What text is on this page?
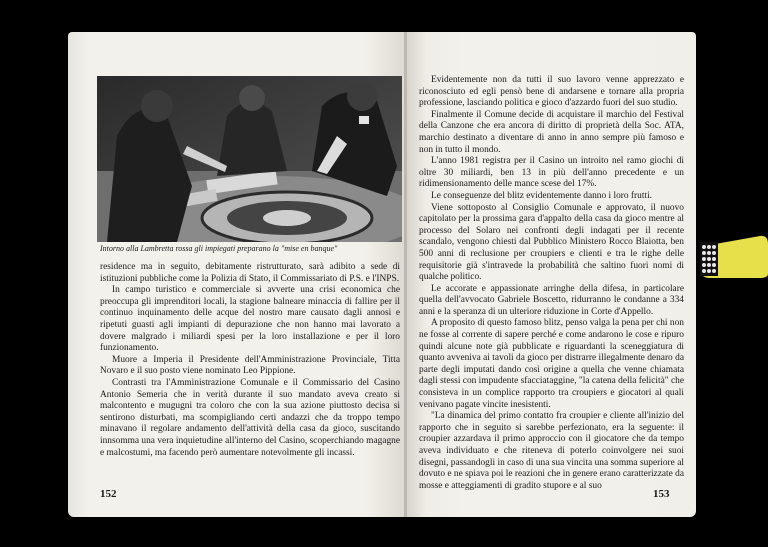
Intorno alla Lambretta rossa gli impiegati preparano la "mise en banque"

residence ma in seguito, debitamente ristrutturato, sarà adibito a sede di istituzioni pubbliche come la Polizia di Stato, il Commissariato di P.S. e l'INPS.

In campo turistico e commerciale si avverte una crisi economica che preoccupa gli imprenditori locali, la stagione balneare minaccia di fallire per il continuo inquinamento delle acque del nostro mare causato dagli annosi e ripetuti guasti agli impianti di depurazione che non hanno mai lavorato a dovere malgrado i miliardi spesi per la loro installazione e per il loro funzionamento.

Muore a Imperia il Presidente dell'Amministrazione Provinciale, Titta Novaro e il suo posto viene nominato Leo Pippione.

Contrasti tra l'Amministrazione Comunale e il Commissario del Casino Antonio Semeria che in verità durante il suo mandato aveva creato si malcontento e mugugni tra coloro che con la sua azione piuttosto decisa si sentirono disturbati, ma scompigliando certi andazzi che da troppo tempo minavano il regolare andamento dell'attività della casa da gioco, suscitando innsomma una vera inquietudine all'interno del Casino, scoperchiando magagne e malcostumi, ma facendo però aumentare notevolmente gli incassi.

152

Evidentemente non da tutti il suo lavoro venne apprezzato e riconosciuto ed egli pensò bene di andarsene e tornare alla propria professione, lasciando politica e gioco d'azzardo fuori del suo studio.

Finalmente il Comune decide di acquistare il marchio del Festival della Canzone che era ancora di diritto di proprietà della Soc. ATA, marchio destinato a diventare di anno in anno sempre più famoso e non in tutto il mondo.

L'anno 1981 registra per il Casino un introito nel ramo giochi di oltre 30 miliardi, ben 13 in più dell'anno precedente e un ridimensionamento delle mance scese del 17%.

Le conseguenze del blitz evidentemente danno i loro frutti.

Viene sottoposto al Consiglio Comunale e approvato, il nuovo capitolato per la prossima gara d'appalto della casa da gioco mentre al processo del Solaro nei confronti degli indagati per il recente scandalo, vengono chiesti dal Pubblico Ministero Rocco Blaiotta, ben 500 anni di reclusione per croupiers e clienti e tra le righe delle requisitorie già s'intravede la probabilità che saltino fuori nomi di qualche politico.

Le accorate e appassionate arringhe della difesa, in particolare quella dell'avvocato Gabriele Boscetto, ridurranno le condanne a 334 anni e la speranza di un ulteriore riduzione in Corte d'Appello.

A proposito di questo famoso blitz, penso valga la pena per chi non ne fosse al corrente di sapere perché e come andarono le cose e ripuro quindi alcune note già pubblicate e riguardanti la sceneggiatura di quanto avveniva ai tavoli da gioco per distrarre illegalmente denaro da parte degli imputati dando così origine a quella che venne chiamata dagli stessi con impudente sfacciataggine, "la catena della felicità" che consisteva in un complice rapporto tra croupiers e giocatori al quali venivano pagate vincite inesistenti.

"La dinamica del primo contatto fra croupier e cliente all'inizio del rapporto che in seguito si sarebbe perfezionato, era la seguente: il croupier azzardava il primo approccio con il giocatore che da tempo aveva individuato e che riteneva di poterlo coinvolgere nei suoi disegni, passandogli in caso di una sua vincita una somma superiore al dovuto e ne spiava poi le reazioni che in genere erano caratterizzate da mosse e atteggiamenti di gradito stupore e al suo

153
